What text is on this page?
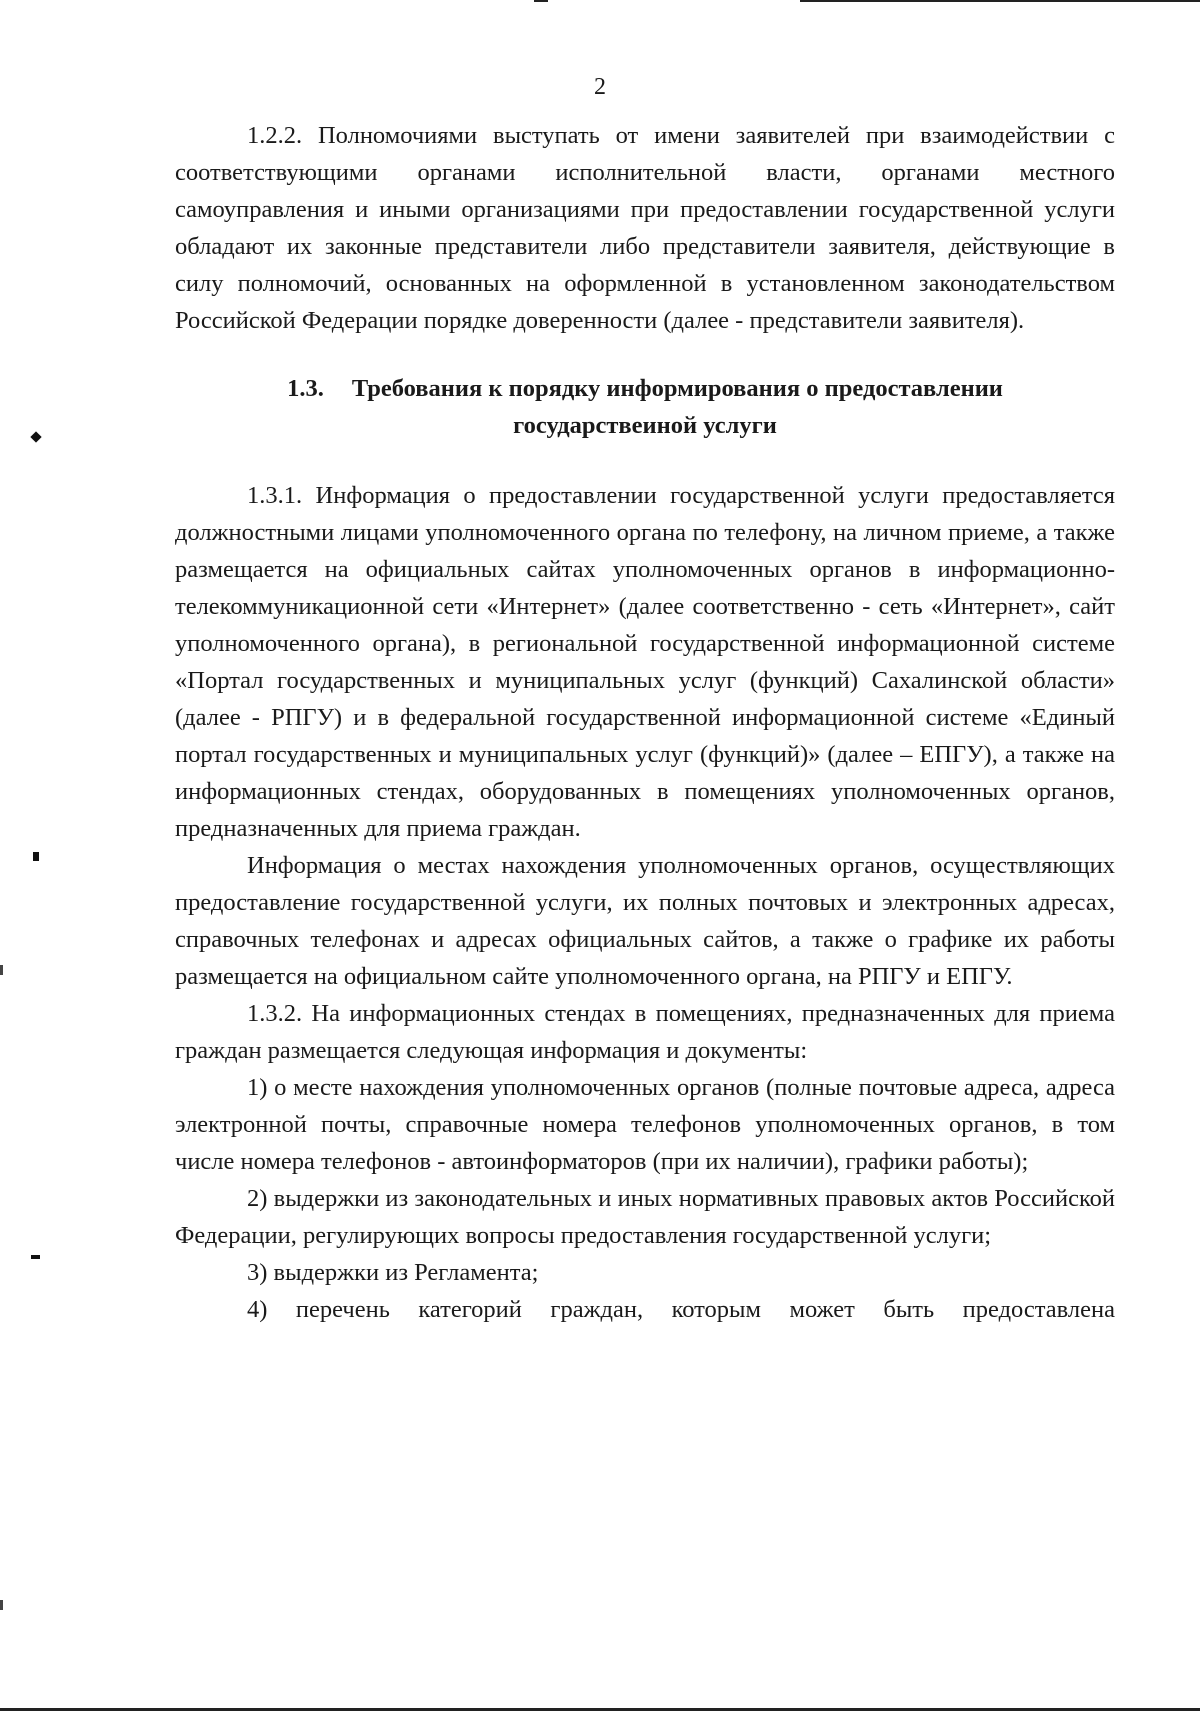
2

1.2.2. Полномочиями выступать от имени заявителей при взаимодействии с соответствующими органами исполнительной власти, органами местного самоуправления и иными организациями при предоставлении государственной услуги обладают их законные представители либо представители заявителя, действующие в силу полномочий, основанных на оформленной в установленном законодательством Российской Федерации порядке доверенности (далее - представители заявителя).

1.3. Требования к порядку информирования о предоставлении
государствеиной услуги

1.3.1. Информация о предоставлении государственной услуги предоставляется должностными лицами уполномоченного органа по телефону, на личном приеме, а также размещается на официальных сайтах уполномоченных органов в информационно-телекоммуникационной сети «Интернет» (далее соответственно - сеть «Интернет», сайт уполномоченного органа), в региональной государственной информационной системе «Портал государственных и муниципальных услуг (функций) Сахалинской области» (далее - РПГУ) и в федеральной государственной информационной системе «Единый портал государственных и муниципальных услуг (функций)» (далее – ЕПГУ), а также на информационных стендах, оборудованных в помещениях уполномоченных органов, предназначенных для приема граждан.

Информация о местах нахождения уполномоченных органов, осуществляющих предоставление государственной услуги, их полных почтовых и электронных адресах, справочных телефонах и адресах официальных сайтов, а также о графике их работы размещается на официальном сайте уполномоченного органа, на РПГУ и ЕПГУ.

1.3.2. На информационных стендах в помещениях, предназначенных для приема граждан размещается следующая информация и документы:

1) о месте нахождения уполномоченных органов (полные почтовые адреса, адреса электронной почты, справочные номера телефонов уполномоченных органов, в том числе номера телефонов - автоинформаторов (при их наличии), графики работы);

2) выдержки из законодательных и иных нормативных правовых актов Российской Федерации, регулирующих вопросы предоставления государственной услуги;

3) выдержки из Регламента;

4) перечень категорий граждан, которым может быть предоставлена
